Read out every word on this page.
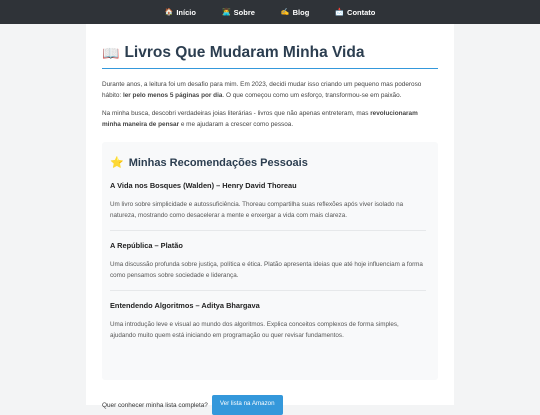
🏠 Início	👨‍💻 Sobre	✍️ Blog	📩 Contato
📖 Livros Que Mudaram Minha Vida

Durante anos, a leitura foi um desafio para mim. Em 2023, decidi mudar isso criando um pequeno mas poderoso hábito: ler pelo menos 5 páginas por dia. O que começou como um esforço, transformou-se em paixão.

Na minha busca, descobri verdadeiras joias literárias - livros que não apenas entreteram, mas revolucionaram minha maneira de pensar e me ajudaram a crescer como pessoa.

⭐ Minhas Recomendações Pessoais
A Vida nos Bosques (Walden) – Henry David Thoreau

Um livro sobre simplicidade e autossuficiência. Thoreau compartilha suas reflexões após viver isolado na natureza, mostrando como desacelerar a mente e enxergar a vida com mais clareza.

A República – Platão

Uma discussão profunda sobre justiça, política e ética. Platão apresenta ideias que até hoje influenciam a forma como pensamos sobre sociedade e liderança.

Entendendo Algoritmos – Aditya Bhargava

Uma introdução leve e visual ao mundo dos algoritmos. Explica conceitos complexos de forma simples, ajudando muito quem está iniciando em programação ou quer revisar fundamentos.

Quer conhecer minha lista completa?	Ver lista na Amazon
